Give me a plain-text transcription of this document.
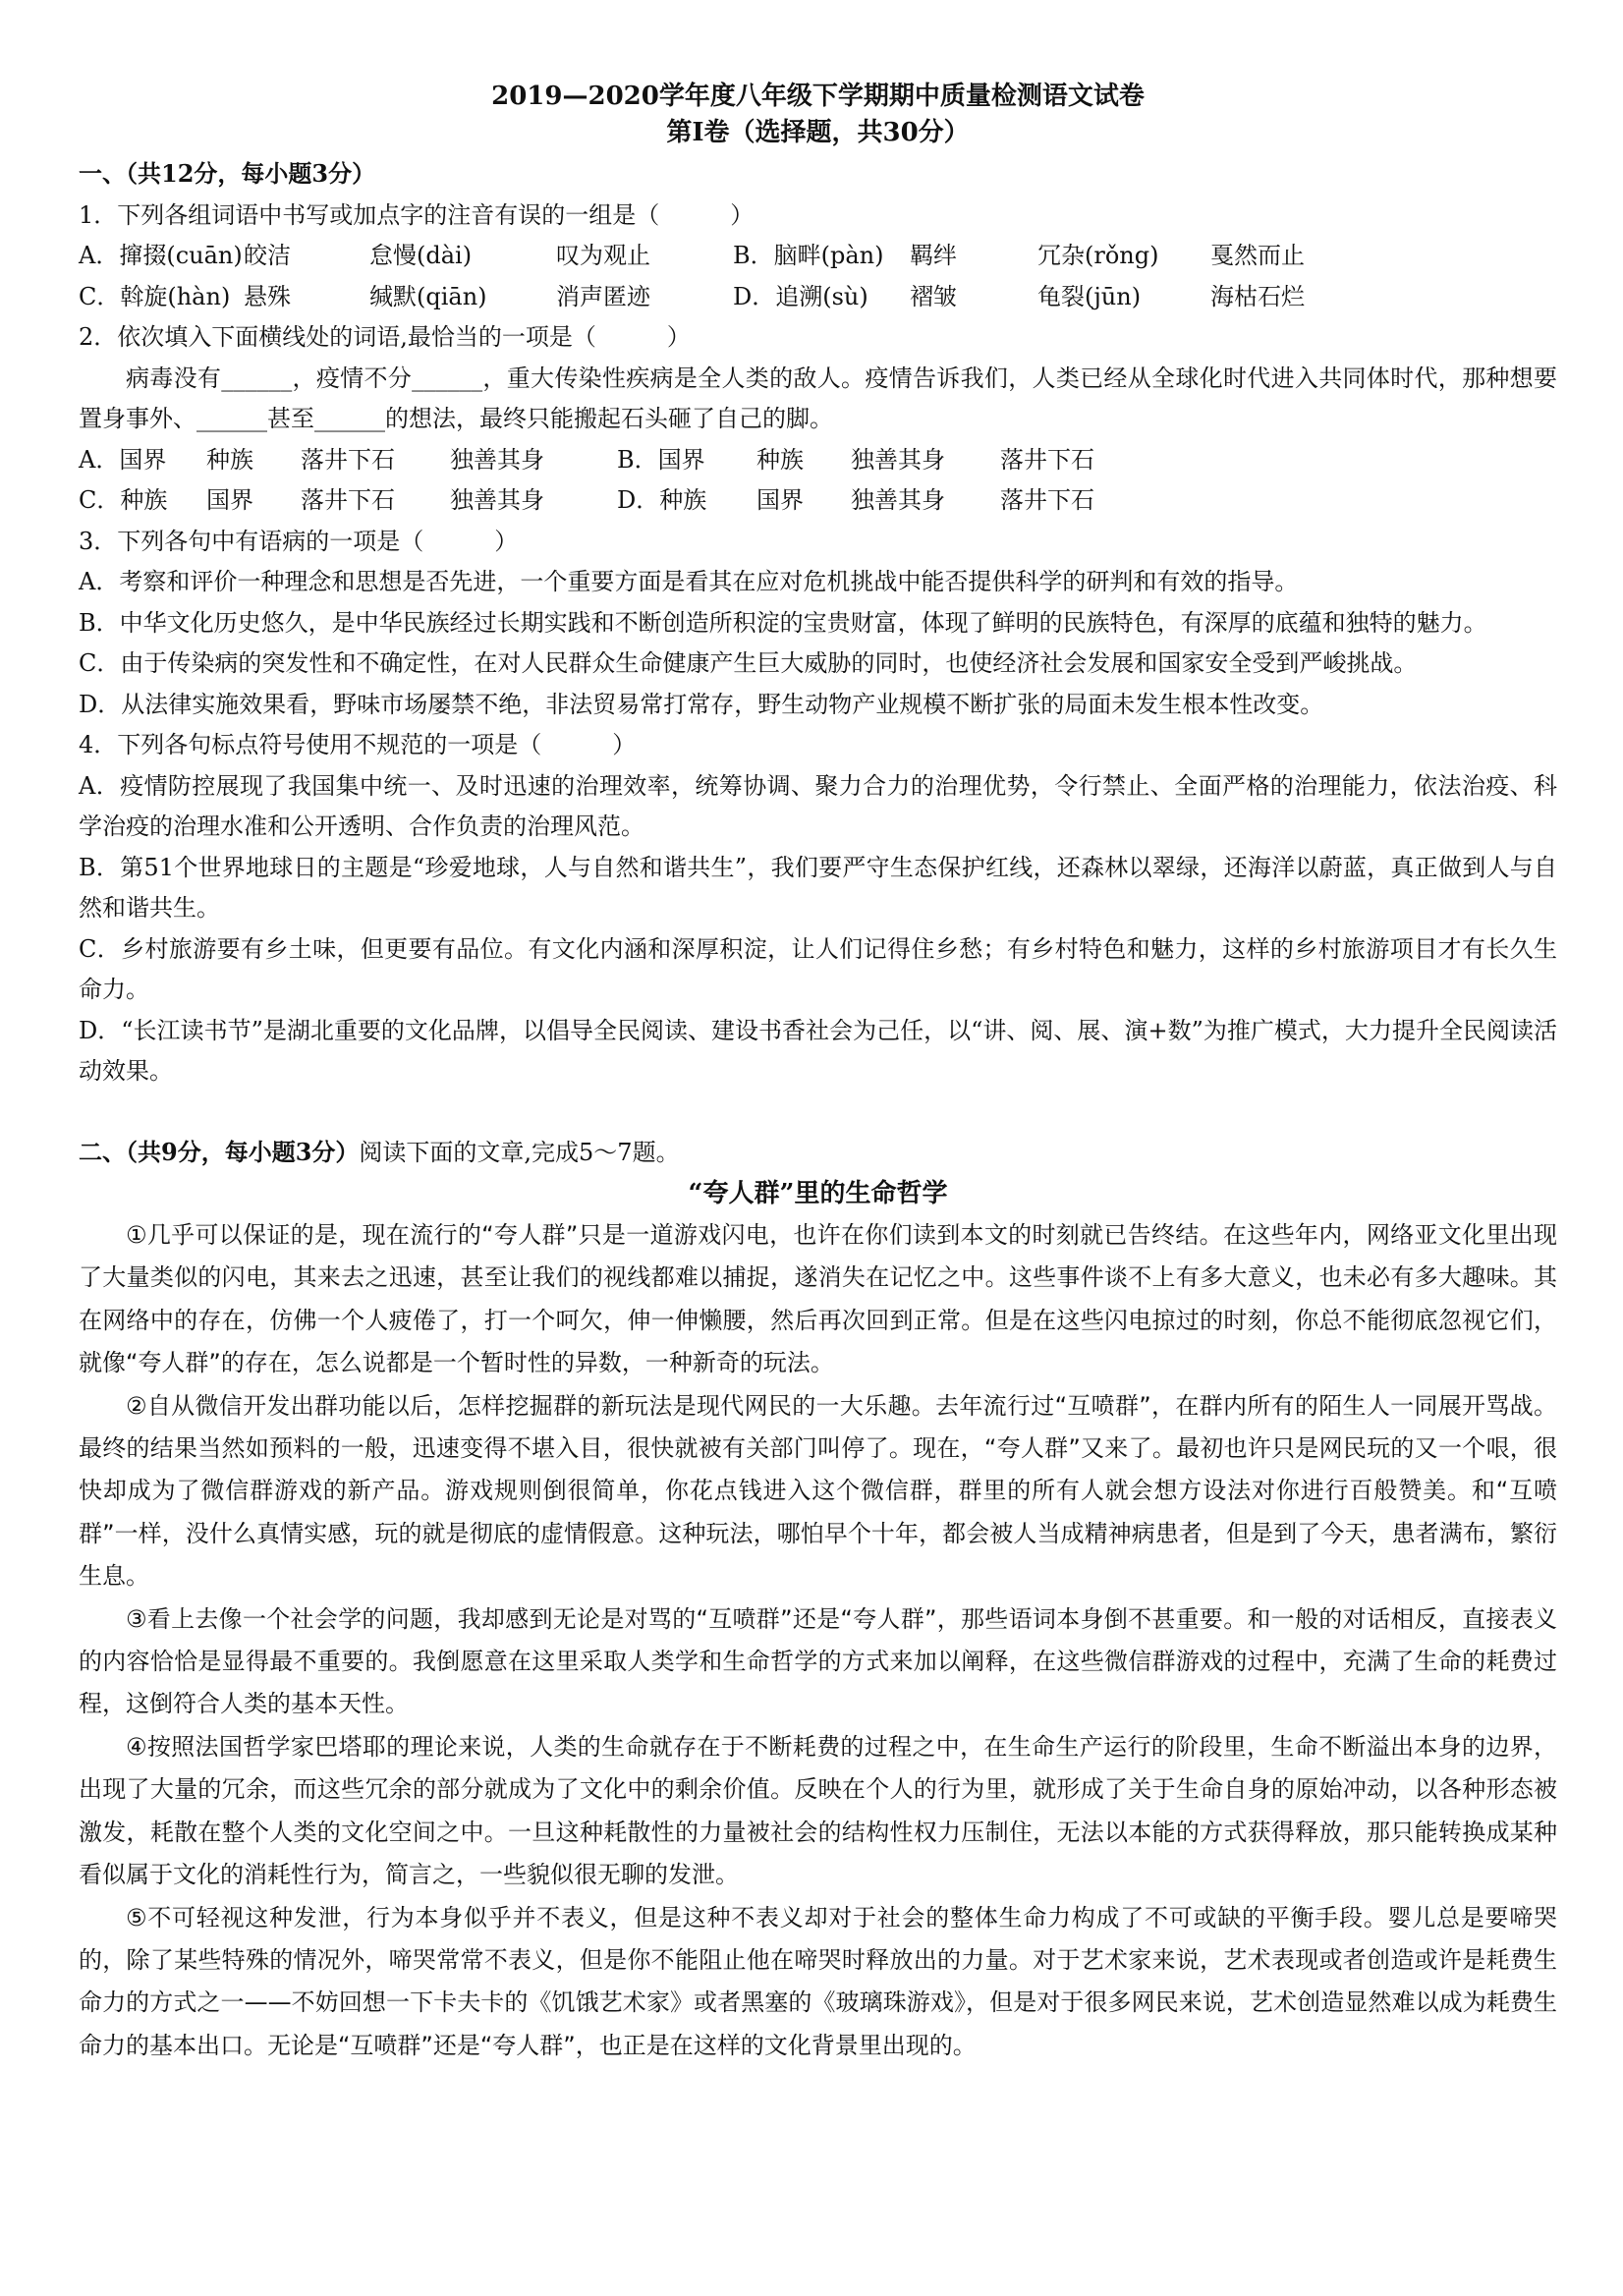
2019—2020学年度八年级下学期期中质量检测语文试卷

第Ⅰ卷（选择题，共30分）

一、（共12分，每小题3分）

1．下列各组词语中书写或加点字的注音有误的一组是（　　　）

A．撺掇(cuān) 皎洁	怠慢(dài)	叹为观止	B．脑畔(pàn)	羁绊	冗杂(rǒng)	戛然而止
C．斡旋(hàn) 悬殊	缄默(qiān)	消声匿迹	D．追溯(sù)	褶皱	龟裂(jūn)	海枯石烂

2．依次填入下面横线处的词语,最恰当的一项是（　　　）

病毒没有______，疫情不分______，重大传染性疾病是全人类的敌人。疫情告诉我们，人类已经从全球化时代进入共同体时代，那种想要置身事外、______甚至______的想法，最终只能搬起石头砸了自己的脚。

A．国界	种族	落井下石	独善其身	B．国界	种族	独善其身	落井下石
C．种族	国界	落井下石	独善其身	D．种族	国界	独善其身	落井下石

3．下列各句中有语病的一项是（　　　）

A．考察和评价一种理念和思想是否先进，一个重要方面是看其在应对危机挑战中能否提供科学的研判和有效的指导。

B．中华文化历史悠久，是中华民族经过长期实践和不断创造所积淀的宝贵财富，体现了鲜明的民族特色，有深厚的底蕴和独特的魅力。

C．由于传染病的突发性和不确定性，在对人民群众生命健康产生巨大威胁的同时，也使经济社会发展和国家安全受到严峻挑战。

D．从法律实施效果看，野味市场屡禁不绝，非法贸易常打常存，野生动物产业规模不断扩张的局面未发生根本性改变。

4．下列各句标点符号使用不规范的一项是（　　　）

A．疫情防控展现了我国集中统一、及时迅速的治理效率，统筹协调、聚力合力的治理优势，令行禁止、全面严格的治理能力，依法治疫、科学治疫的治理水准和公开透明、合作负责的治理风范。

B．第51个世界地球日的主题是“珍爱地球，人与自然和谐共生”，我们要严守生态保护红线，还森林以翠绿，还海洋以蔚蓝，真正做到人与自然和谐共生。

C．乡村旅游要有乡土味，但更要有品位。有文化内涵和深厚积淀，让人们记得住乡愁；有乡村特色和魅力，这样的乡村旅游项目才有长久生命力。

D．“长江读书节”是湖北重要的文化品牌，以倡导全民阅读、建设书香社会为己任，以“讲、阅、展、演+数”为推广模式，大力提升全民阅读活动效果。

二、（共9分，每小题3分）阅读下面的文章,完成5～7题。

“夸人群”里的生命哲学

①几乎可以保证的是，现在流行的“夸人群”只是一道游戏闪电，也许在你们读到本文的时刻就已告终结。在这些年内，网络亚文化里出现了大量类似的闪电，其来去之迅速，甚至让我们的视线都难以捕捉，遂消失在记忆之中。这些事件谈不上有多大意义，也未必有多大趣味。其在网络中的存在，仿佛一个人疲倦了，打一个呵欠，伸一伸懒腰，然后再次回到正常。但是在这些闪电掠过的时刻，你总不能彻底忽视它们，就像“夸人群”的存在，怎么说都是一个暂时性的异数，一种新奇的玩法。

②自从微信开发出群功能以后，怎样挖掘群的新玩法是现代网民的一大乐趣。去年流行过“互喷群”，在群内所有的陌生人一同展开骂战。最终的结果当然如预料的一般，迅速变得不堪入目，很快就被有关部门叫停了。现在，“夸人群”又来了。最初也许只是网民玩的又一个哏，很快却成为了微信群游戏的新产品。游戏规则倒很简单，你花点钱进入这个微信群，群里的所有人就会想方设法对你进行百般赞美。和“互喷群”一样，没什么真情实感，玩的就是彻底的虚情假意。这种玩法，哪怕早个十年，都会被人当成精神病患者，但是到了今天，患者满布，繁衍生息。

③看上去像一个社会学的问题，我却感到无论是对骂的“互喷群”还是“夸人群”，那些语词本身倒不甚重要。和一般的对话相反，直接表义的内容恰恰是显得最不重要的。我倒愿意在这里采取人类学和生命哲学的方式来加以阐释，在这些微信群游戏的过程中，充满了生命的耗费过程，这倒符合人类的基本天性。

④按照法国哲学家巴塔耶的理论来说，人类的生命就存在于不断耗费的过程之中，在生命生产运行的阶段里，生命不断溢出本身的边界，出现了大量的冗余，而这些冗余的部分就成为了文化中的剩余价值。反映在个人的行为里，就形成了关于生命自身的原始冲动，以各种形态被激发，耗散在整个人类的文化空间之中。一旦这种耗散性的力量被社会的结构性权力压制住，无法以本能的方式获得释放，那只能转换成某种看似属于文化的消耗性行为，简言之，一些貌似很无聊的发泄。

⑤不可轻视这种发泄，行为本身似乎并不表义，但是这种不表义却对于社会的整体生命力构成了不可或缺的平衡手段。婴儿总是要啼哭的，除了某些特殊的情况外，啼哭常常不表义，但是你不能阻止他在啼哭时释放出的力量。对于艺术家来说，艺术表现或者创造或许是耗费生命力的方式之一——不妨回想一下卡夫卡的《饥饿艺术家》或者黑塞的《玻璃珠游戏》，但是对于很多网民来说，艺术创造显然难以成为耗费生命力的基本出口。无论是“互喷群”还是“夸人群”，也正是在这样的文化背景里出现的。
